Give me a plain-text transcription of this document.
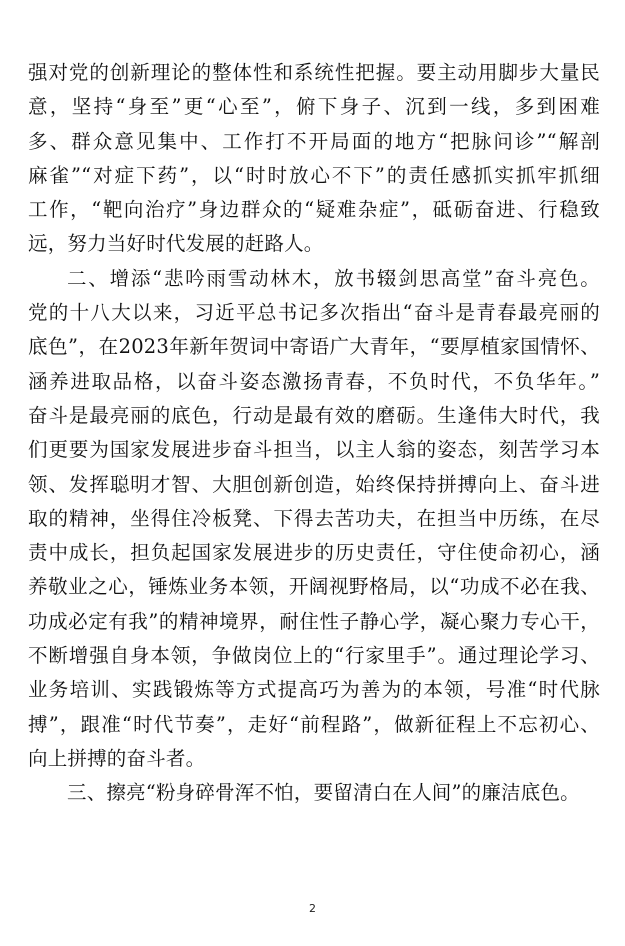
强对党的创新理论的整体性和系统性把握。要主动用脚步大量民
意，坚持“身至”更“心至”，俯下身子、沉到一线，多到困难
多、群众意见集中、工作打不开局面的地方“把脉问诊”“解剖
麻雀”“对症下药”，以“时时放心不下”的责任感抓实抓牢抓细
工作，“靶向治疗”身边群众的“疑难杂症”，砥砺奋进、行稳致
远，努力当好时代发展的赶路人。
二、增添“悲吟雨雪动林木，放书辍剑思高堂”奋斗亮色。
党的十八大以来，习近平总书记多次指出“奋斗是青春最亮丽的
底色”，在2023年新年贺词中寄语广大青年，“要厚植家国情怀、
涵养进取品格，以奋斗姿态激扬青春，不负时代，不负华年。”
奋斗是最亮丽的底色，行动是最有效的磨砺。生逢伟大时代，我
们更要为国家发展进步奋斗担当，以主人翁的姿态，刻苦学习本
领、发挥聪明才智、大胆创新创造，始终保持拼搏向上、奋斗进
取的精神，坐得住冷板凳、下得去苦功夫，在担当中历练，在尽
责中成长，担负起国家发展进步的历史责任，守住使命初心，涵
养敬业之心，锤炼业务本领，开阔视野格局，以“功成不必在我、
功成必定有我”的精神境界，耐住性子静心学，凝心聚力专心干，
不断增强自身本领，争做岗位上的“行家里手”。通过理论学习、
业务培训、实践锻炼等方式提高巧为善为的本领，号准“时代脉
搏”，跟准“时代节奏”，走好“前程路”，做新征程上不忘初心、
向上拼搏的奋斗者。
三、擦亮“粉身碎骨浑不怕，要留清白在人间”的廉洁底色。
2
